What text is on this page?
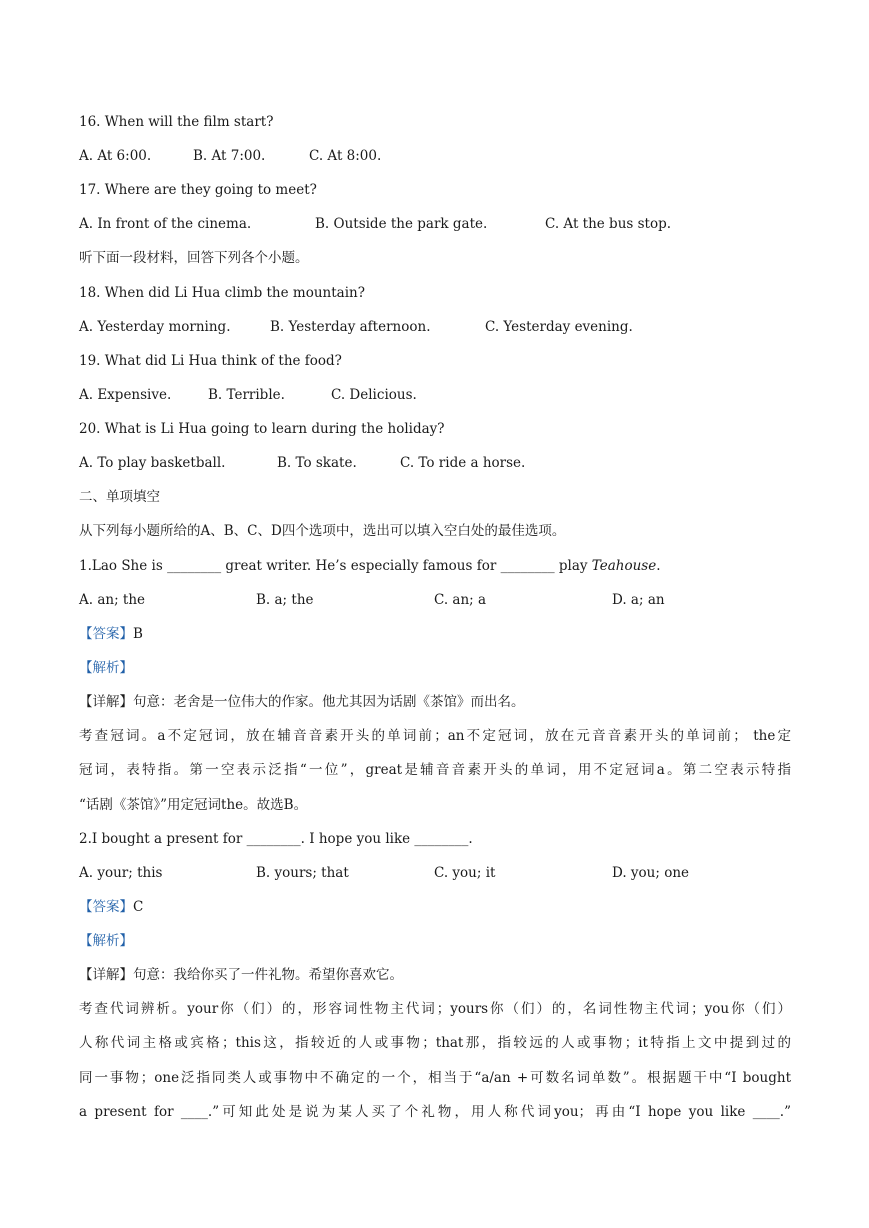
16. When will the film start?
A. At 6:00.	B. At 7:00.	C. At 8:00.
17. Where are they going to meet?
A. In front of the cinema.	B. Outside the park gate.	C. At the bus stop.
听下面一段材料，回答下列各个小题。
18. When did Li Hua climb the mountain?
A. Yesterday morning.	B. Yesterday afternoon.	C. Yesterday evening.
19. What did Li Hua think of the food?
A. Expensive.	B. Terrible.	C. Delicious.
20. What is Li Hua going to learn during the holiday?
A. To play basketball.	B. To skate.	C. To ride a horse.
二、单项填空
从下列每小题所给的A、B、C、D四个选项中，选出可以填入空白处的最佳选项。
1.Lao She is ________ great writer. He’s especially famous for ________ play Teahouse.
A. an; the	B. a; the	C. an; a	D. a; an
【答案】B
【解析】
【详解】句意：老舍是一位伟大的作家。他尤其因为话剧《茶馆》而出名。
考查冠词。a不定冠词，放在辅音音素开头的单词前；an不定冠词，放在元音音素开头的单词前； the定
冠词，表特指。第一空表示泛指“一位”，great是辅音音素开头的单词，用不定冠词a。第二空表示特指
“话剧《茶馆》”用定冠词the。故选B。
2.I bought a present for ________. I hope you like ________.
A. your; this	B. yours; that	C. you; it	D. you; one
【答案】C
【解析】
【详解】句意：我给你买了一件礼物。希望你喜欢它。
考查代词辨析。your你（们）的，形容词性物主代词；yours你（们）的，名词性物主代词；you你（们）
人称代词主格或宾格；this这，指较近的人或事物；that那，指较远的人或事物；it特指上文中提到过的
同一事物；one泛指同类人或事物中不确定的一个，相当于“a/an +可数名词单数”。根据题干中“I bought
a present for ____.”可知此处是说为某人买了个礼物，用人称代词you；再由“I hope you like ____.”
